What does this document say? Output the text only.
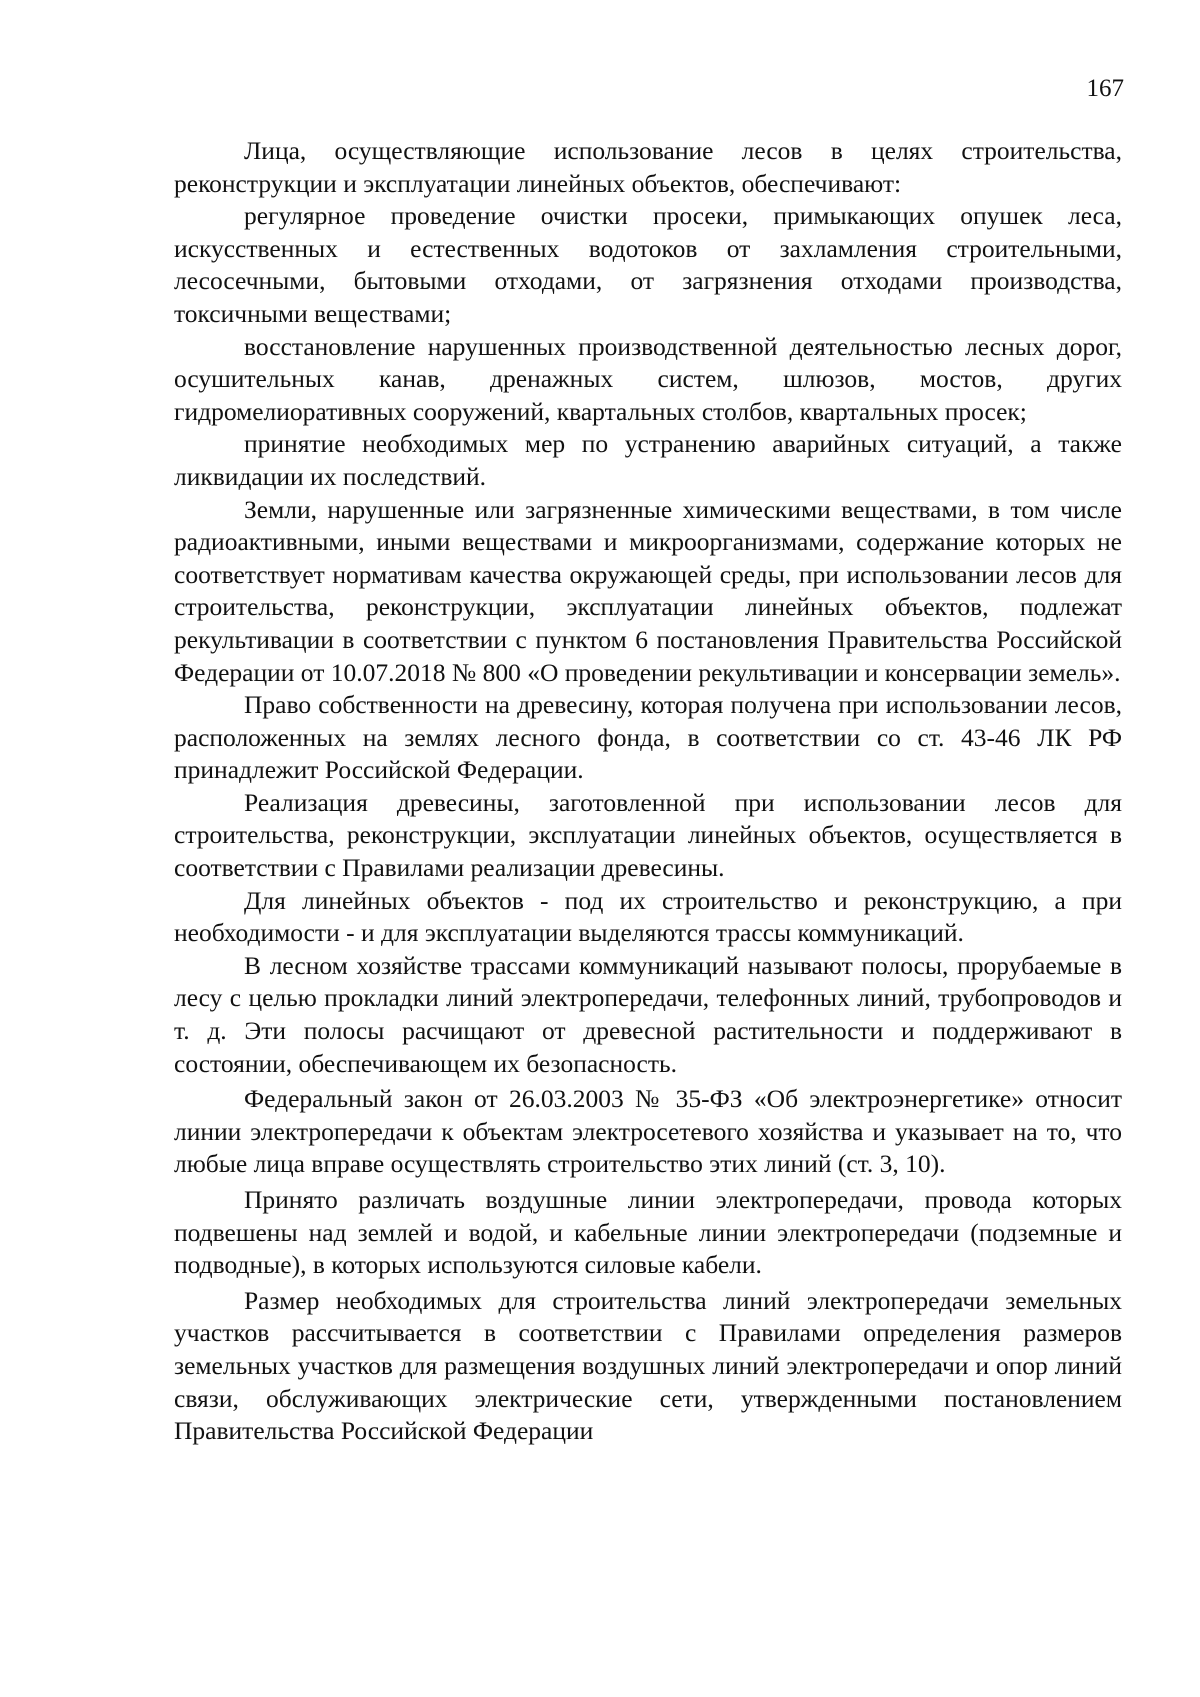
167

Лица, осуществляющие использование лесов в целях строительства, реконструкции и эксплуатации линейных объектов, обеспечивают:

регулярное проведение очистки просеки, примыкающих опушек леса, искусственных и естественных водотоков от захламления строительными, лесосечными, бытовыми отходами, от загрязнения отходами производства, токсичными веществами;

восстановление нарушенных производственной деятельностью лесных дорог, осушительных канав, дренажных систем, шлюзов, мостов, других гидромелиоративных сооружений, квартальных столбов, квартальных просек;

принятие необходимых мер по устранению аварийных ситуаций, а также ликвидации их последствий.

Земли, нарушенные или загрязненные химическими веществами, в том числе радиоактивными, иными веществами и микроорганизмами, содержание которых не соответствует нормативам качества окружающей среды, при использовании лесов для строительства, реконструкции, эксплуатации линейных объектов, подлежат рекультивации в соответствии с пунктом 6 постановления Правительства Российской Федерации от 10.07.2018 № 800 «О проведении рекультивации и консервации земель».

Право собственности на древесину, которая получена при использовании лесов, расположенных на землях лесного фонда, в соответствии со ст. 43-46 ЛК РФ принадлежит Российской Федерации.

Реализация древесины, заготовленной при использовании лесов для строительства, реконструкции, эксплуатации линейных объектов, осуществляется в соответствии с Правилами реализации древесины.

Для линейных объектов - под их строительство и реконструкцию, а при необходимости - и для эксплуатации выделяются трассы коммуникаций.

В лесном хозяйстве трассами коммуникаций называют полосы, прорубаемые в лесу с целью прокладки линий электропередачи, телефонных линий, трубопроводов и т. д. Эти полосы расчищают от древесной растительности и поддерживают в состоянии, обеспечивающем их безопасность.

Федеральный закон от 26.03.2003 № 35-ФЗ «Об электроэнергетике» относит линии электропередачи к объектам электросетевого хозяйства и указывает на то, что любые лица вправе осуществлять строительство этих линий (ст. 3, 10).

Принято различать воздушные линии электропередачи, провода которых подвешены над землей и водой, и кабельные линии электропередачи (подземные и подводные), в которых используются силовые кабели.

Размер необходимых для строительства линий электропередачи земельных участков рассчитывается в соответствии с Правилами определения размеров земельных участков для размещения воздушных линий электропередачи и опор линий связи, обслуживающих электрические сети, утвержденными постановлением Правительства Российской Федерации
